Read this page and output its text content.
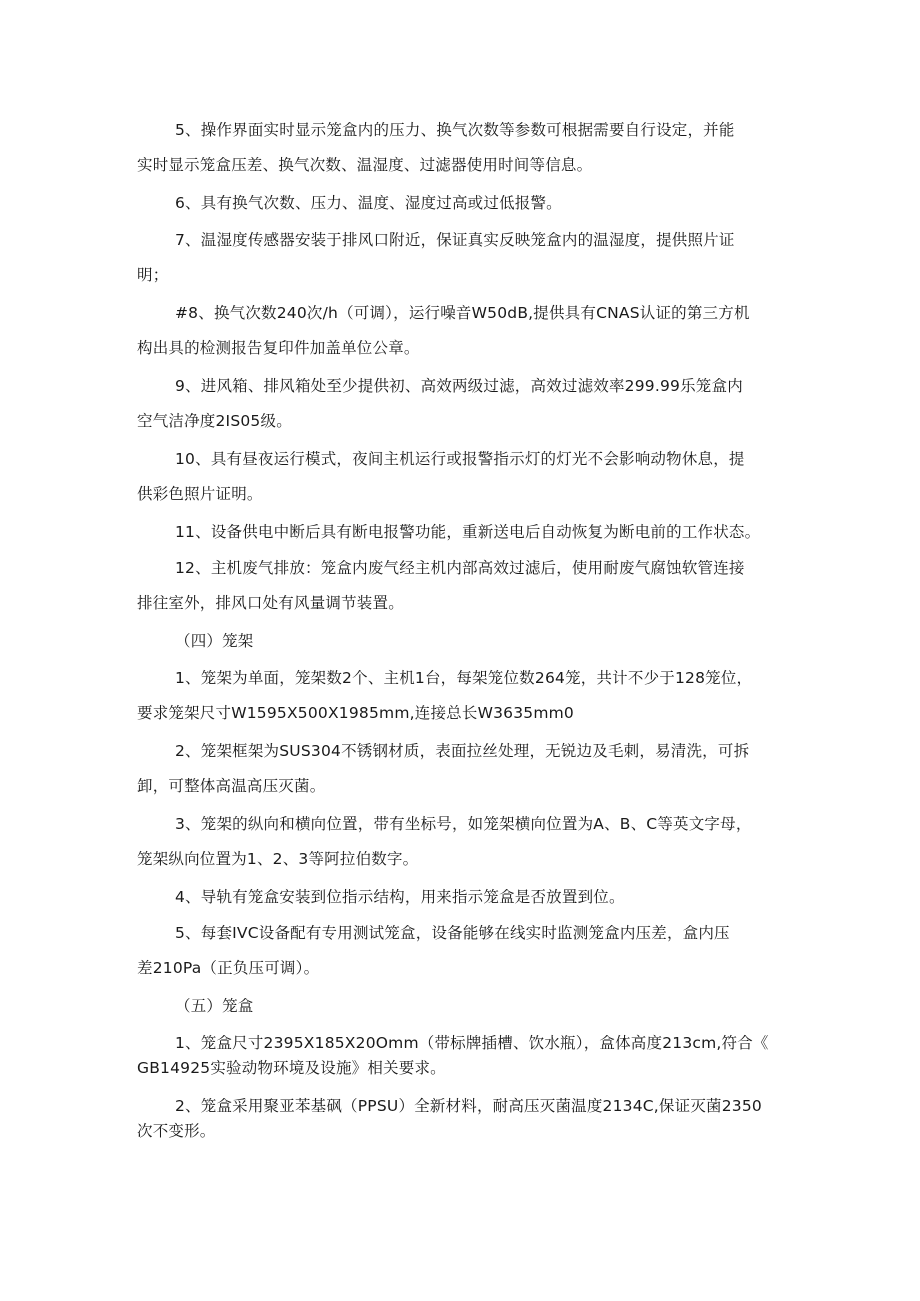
5、操作界面实时显示笼盒内的压力、换气次数等参数可根据需要自行设定，并能
实时显示笼盒压差、换气次数、温湿度、过滤器使用时间等信息。
6、具有换气次数、压力、温度、湿度过高或过低报警。
7、温湿度传感器安装于排风口附近，保证真实反映笼盒内的温湿度，提供照片证
明；
#8、换气次数240次/h（可调），运行噪音W50dB,提供具有CNAS认证的第三方机
构出具的检测报告复印件加盖单位公章。
9、进风箱、排风箱处至少提供初、高效两级过滤，高效过滤效率299.99乐笼盒内
空气洁净度2IS05级。
10、具有昼夜运行模式，夜间主机运行或报警指示灯的灯光不会影响动物休息，提
供彩色照片证明。
11、设备供电中断后具有断电报警功能，重新送电后自动恢复为断电前的工作状态。
12、主机废气排放：笼盒内废气经主机内部高效过滤后，使用耐废气腐蚀软管连接
排往室外，排风口处有风量调节装置。
（四）笼架
1、笼架为单面，笼架数2个、主机1台，每架笼位数264笼，共计不少于128笼位，
要求笼架尺寸W1595X500X1985mm,连接总长W3635mm0
2、笼架框架为SUS304不锈钢材质，表面拉丝处理，无锐边及毛刺，易清洗，可拆
卸，可整体高温高压灭菌。
3、笼架的纵向和横向位置，带有坐标号，如笼架横向位置为A、B、C等英文字母，
笼架纵向位置为1、2、3等阿拉伯数字。
4、导轨有笼盒安装到位指示结构，用来指示笼盒是否放置到位。
5、每套IVC设备配有专用测试笼盒，设备能够在线实时监测笼盒内压差，盒内压
差210Pa（正负压可调）。
（五）笼盒
1、笼盒尺寸2395X185X20Omm（带标牌插槽、饮水瓶），盒体高度213cm,符合《
GB14925实验动物环境及设施》相关要求。
2、笼盒采用聚亚苯基砜（PPSU）全新材料，耐高压灭菌温度2134C,保证灭菌2350
次不变形。
